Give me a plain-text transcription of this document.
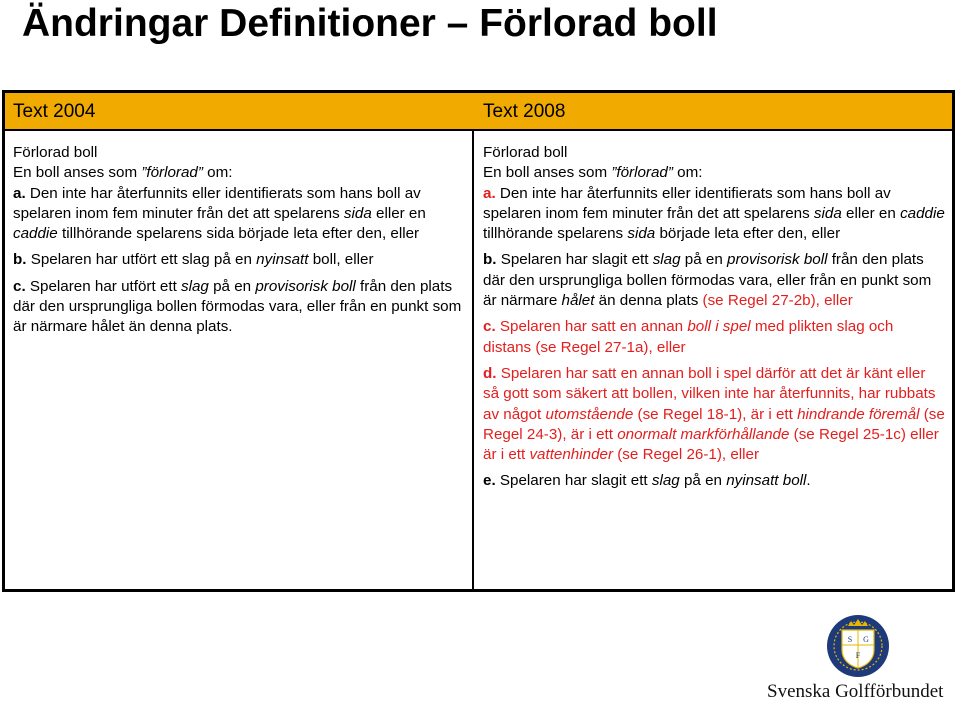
Ändringar Definitioner – Förlorad boll
Text 2004	Text 2008

Förlorad boll

En boll anses som ”förlorad” om:

a. Den inte har återfunnits eller identifierats som hans boll av spelaren inom fem minuter från det att spelarens sida eller en caddie tillhörande spelarens sida började leta efter den, eller

b. Spelaren har utfört ett slag på en nyinsatt boll, eller

c. Spelaren har utfört ett slag på en provisorisk boll från den plats där den ursprungliga bollen förmodas vara, eller från en punkt som är närmare hålet än denna plats.

Förlorad boll

En boll anses som ”förlorad” om:

a. Den inte har återfunnits eller identifierats som hans boll av spelaren inom fem minuter från det att spelarens sida eller en caddie tillhörande spelarens sida började leta efter den, eller

b. Spelaren har slagit ett slag på en provisorisk boll från den plats där den ursprungliga bollen förmodas vara, eller från en punkt som är närmare hålet än denna plats (se Regel 27-2b), eller

c. Spelaren har satt en annan boll i spel med plikten slag och distans (se Regel 27-1a), eller

d. Spelaren har satt en annan boll i spel därför att det är känt eller så gott som säkert att bollen, vilken inte har återfunnits, har rubbats av något utomstående (se Regel 18-1), är i ett hindrande föremål (se Regel 24-3), är i ett onormalt markförhållande (se Regel 25-1c) eller är i ett vattenhinder (se Regel 26-1), eller

e. Spelaren har slagit ett slag på en nyinsatt boll.

S G
F
Svenska Golfförbundet
